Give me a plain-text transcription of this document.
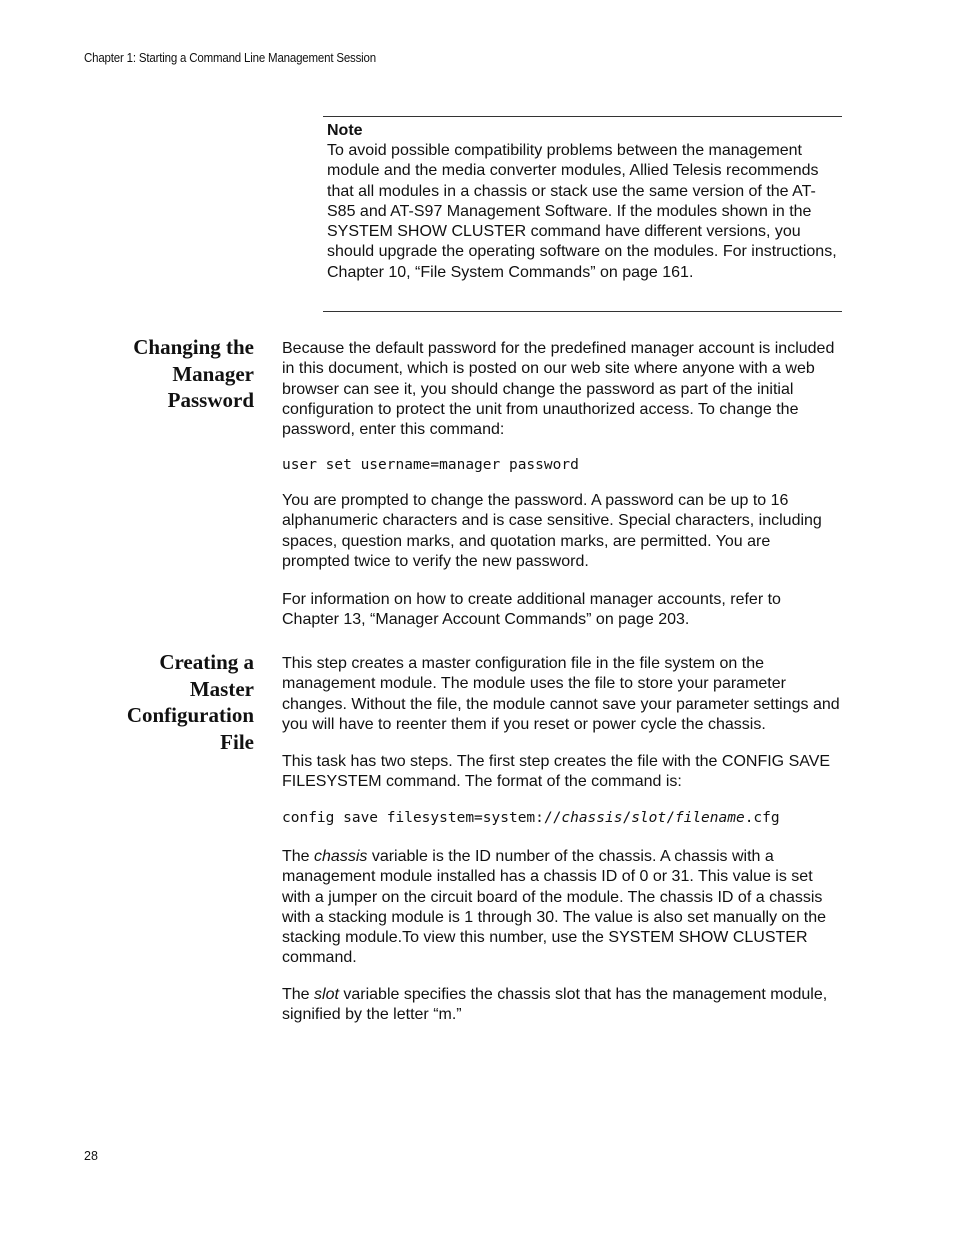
Chapter 1: Starting a Command Line Management Session
Note
To avoid possible compatibility problems between the management module and the media converter modules, Allied Telesis recommends that all modules in a chassis or stack use the same version of the AT-S85 and AT-S97 Management Software. If the modules shown in the SYSTEM SHOW CLUSTER command have different versions, you should upgrade the operating software on the modules. For instructions, Chapter 10, “File System Commands” on page 161.
Changing the
Manager
Password
Because the default password for the predefined manager account is included in this document, which is posted on our web site where anyone with a web browser can see it, you should change the password as part of the initial configuration to protect the unit from unauthorized access. To change the password, enter this command:
user set username=manager password
You are prompted to change the password. A password can be up to 16 alphanumeric characters and is case sensitive. Special characters, including spaces, question marks, and quotation marks, are permitted. You are prompted twice to verify the new password.
For information on how to create additional manager accounts, refer to Chapter 13, “Manager Account Commands” on page 203.
Creating a
Master
Configuration
File
This step creates a master configuration file in the file system on the management module. The module uses the file to store your parameter changes. Without the file, the module cannot save your parameter settings and you will have to reenter them if you reset or power cycle the chassis.
This task has two steps. The first step creates the file with the CONFIG SAVE FILESYSTEM command. The format of the command is:
config save filesystem=system://chassis/slot/filename.cfg
The chassis variable is the ID number of the chassis. A chassis with a management module installed has a chassis ID of 0 or 31. This value is set with a jumper on the circuit board of the module. The chassis ID of a chassis with a stacking module is 1 through 30. The value is also set manually on the stacking module.To view this number, use the SYSTEM SHOW CLUSTER command.
The slot variable specifies the chassis slot that has the management module, signified by the letter “m.”
28
